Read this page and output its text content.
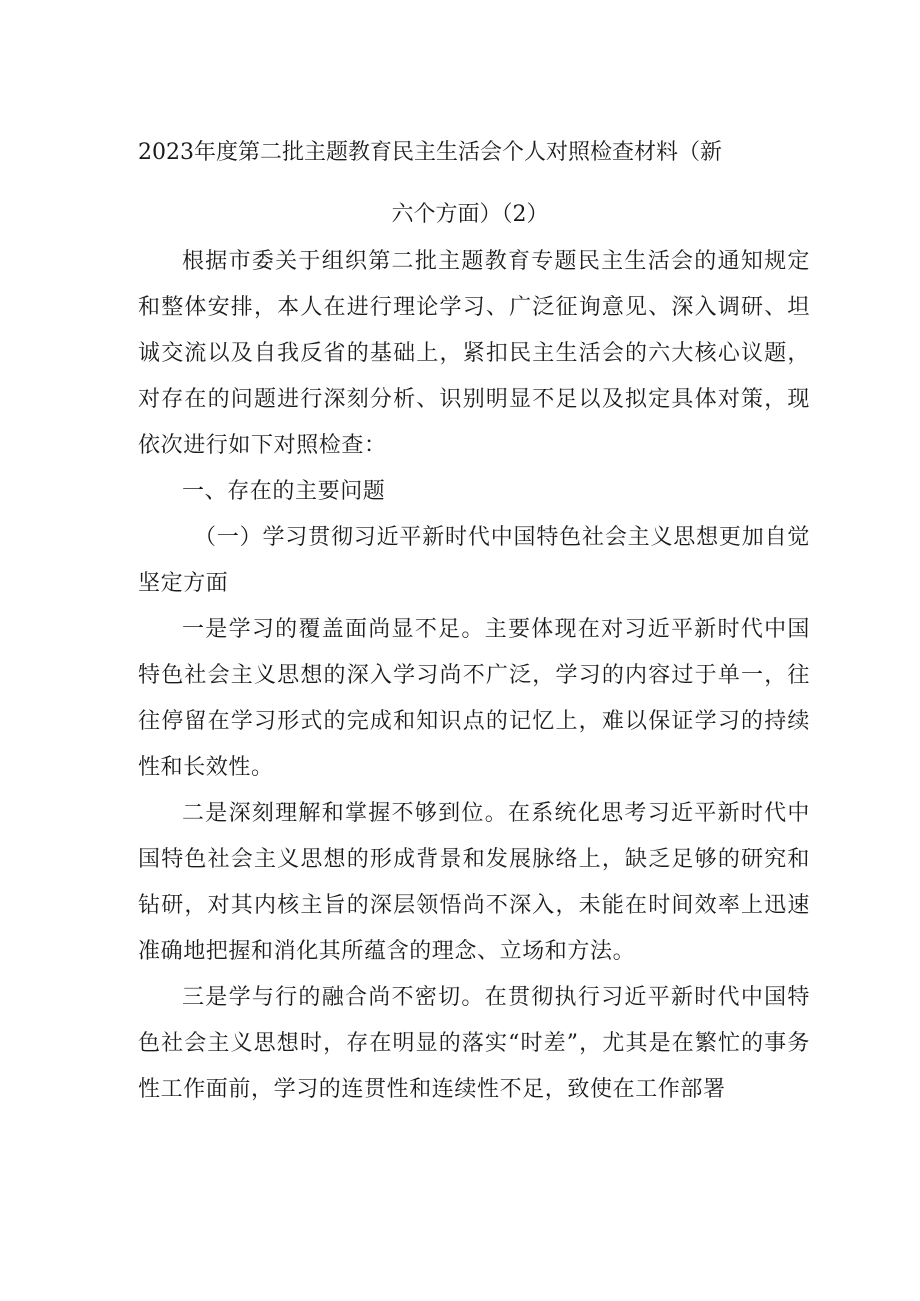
2023年度第二批主题教育民主生活会个人对照检查材料（新
六个方面）（2）

根据市委关于组织第二批主题教育专题民主生活会的通知规定和整体安排，本人在进行理论学习、广泛征询意见、深入调研、坦诚交流以及自我反省的基础上，紧扣民主生活会的六大核心议题，对存在的问题进行深刻分析、识别明显不足以及拟定具体对策，现依次进行如下对照检查：

一、存在的主要问题

（一）学习贯彻习近平新时代中国特色社会主义思想更加自觉坚定方面

一是学习的覆盖面尚显不足。主要体现在对习近平新时代中国特色社会主义思想的深入学习尚不广泛，学习的内容过于单一，往往停留在学习形式的完成和知识点的记忆上，难以保证学习的持续性和长效性。

二是深刻理解和掌握不够到位。在系统化思考习近平新时代中国特色社会主义思想的形成背景和发展脉络上，缺乏足够的研究和钻研，对其内核主旨的深层领悟尚不深入，未能在时间效率上迅速准确地把握和消化其所蕴含的理念、立场和方法。

三是学与行的融合尚不密切。在贯彻执行习近平新时代中国特色社会主义思想时，存在明显的落实“时差”，尤其是在繁忙的事务性工作面前，学习的连贯性和连续性不足，致使在工作部署
